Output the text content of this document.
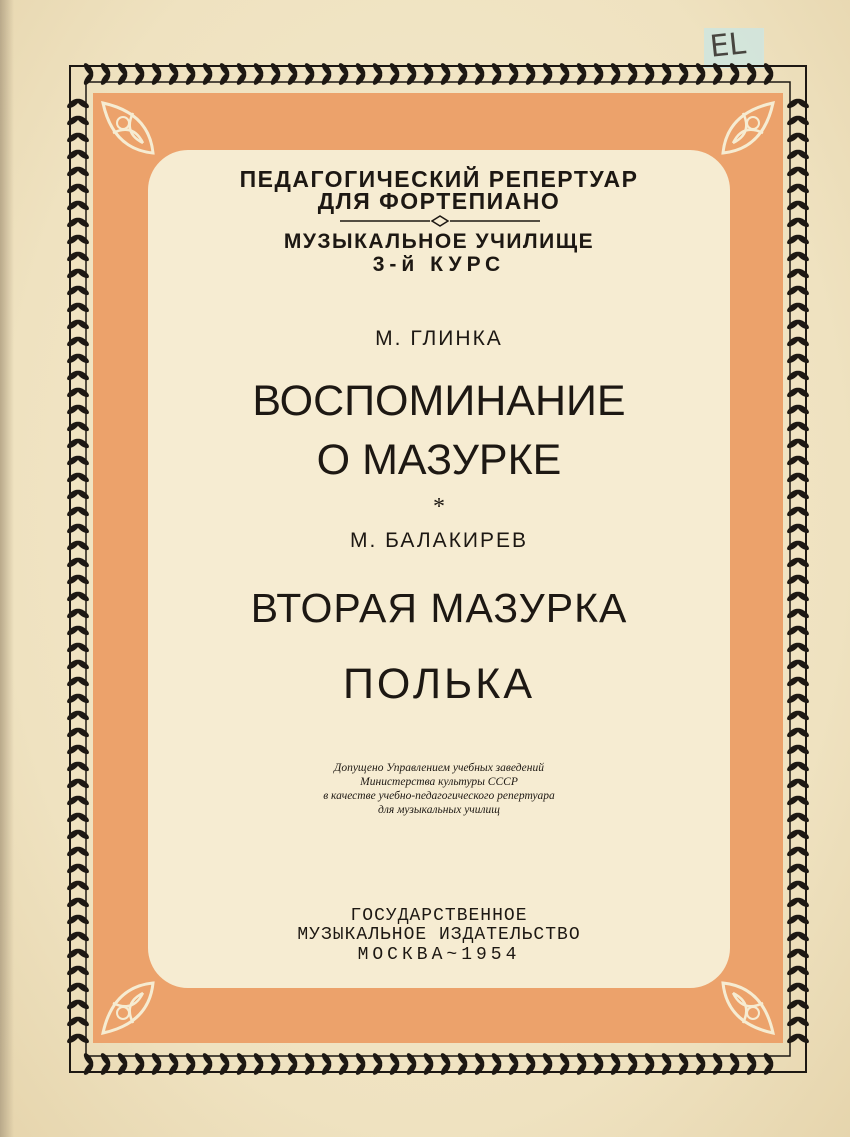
EL
ПЕДАГОГИЧЕСКИЙ РЕПЕРТУАР
ДЛЯ ФОРТЕПИАНО
МУЗЫКАЛЬНОЕ УЧИЛИЩЕ
3-й КУРС
М. ГЛИНКА
ВОСПОМИНАНИЕ
О МАЗУРКЕ
*
М. БАЛАКИРЕВ
ВТОРАЯ МАЗУРКА
ПОЛЬКА
Допущено Управлением учебных заведений
Министерства культуры СССР
в качестве учебно-педагогического репертуара
для музыкальных училищ
ГОСУДАРСТВЕННОЕ
МУЗЫКАЛЬНОЕ ИЗДАТЕЛЬСТВО
МОСКВА~1954
